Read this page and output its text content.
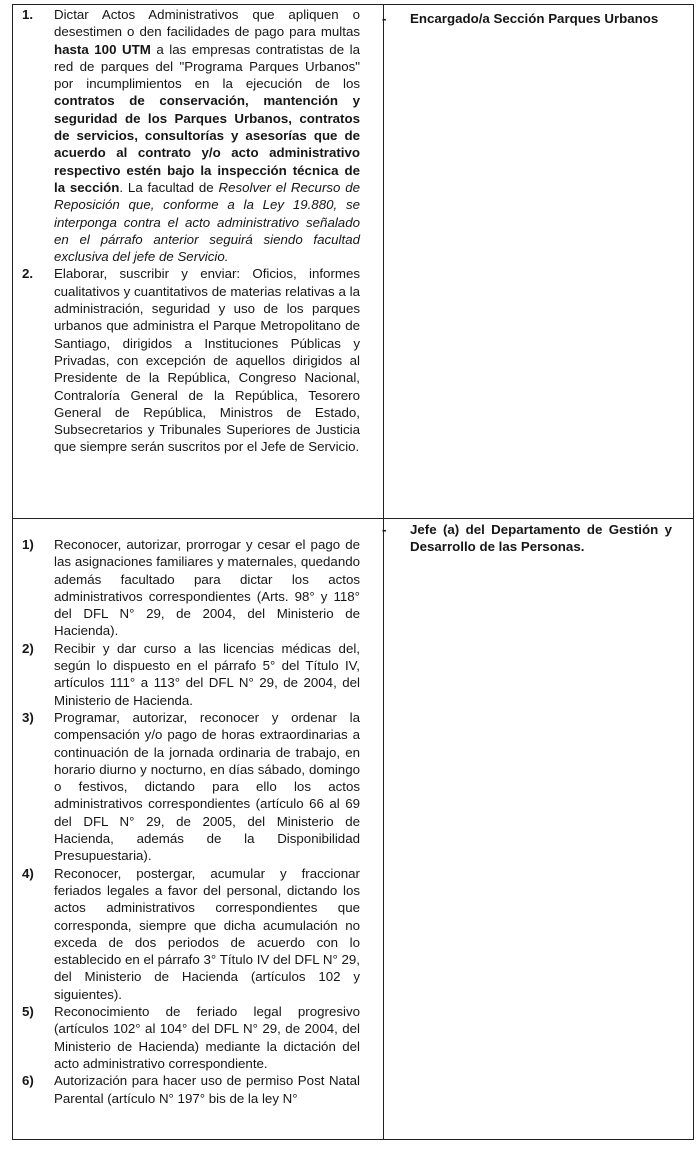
1.	Dictar Actos Administrativos que apliquen o desestimen o den facilidades de pago para multas hasta 100 UTM a las empresas contratistas de la red de parques del "Programa Parques Urbanos" por incumplimientos en la ejecución de los contratos de conservación, mantención y seguridad de los Parques Urbanos, contratos de servicios, consultorías y asesorías que de acuerdo al contrato y/o acto administrativo respectivo estén bajo la inspección técnica de la sección. La facultad de Resolver el Recurso de Reposición que, conforme a la Ley 19.880, se interponga contra el acto administrativo señalado en el párrafo anterior seguirá siendo facultad exclusiva del jefe de Servicio.
2.	Elaborar, suscribir y enviar: Oficios, informes cualitativos y cuantitativos de materias relativas a la administración, seguridad y uso de los parques urbanos que administra el Parque Metropolitano de Santiago, dirigidos a Instituciones Públicas y Privadas, con excepción de aquellos dirigidos al Presidente de la República, Congreso Nacional, Contraloría General de la República, Tesorero General de República, Ministros de Estado, Subsecretarios y Tribunales Superiores de Justicia que siempre serán suscritos por el Jefe de Servicio.
-	Encargado/a Sección Parques Urbanos
1)	Reconocer, autorizar, prorrogar y cesar el pago de las asignaciones familiares y maternales, quedando además facultado para dictar los actos administrativos correspondientes (Arts. 98° y 118° del DFL N° 29, de 2004, del Ministerio de Hacienda).
2)	Recibir y dar curso a las licencias médicas del, según lo dispuesto en el párrafo 5° del Título IV, artículos 111° a 113° del DFL N° 29, de 2004, del Ministerio de Hacienda.
3)	Programar, autorizar, reconocer y ordenar la compensación y/o pago de horas extraordinarias a continuación de la jornada ordinaria de trabajo, en horario diurno y nocturno, en días sábado, domingo o festivos, dictando para ello los actos administrativos correspondientes (artículo 66 al 69 del DFL N° 29, de 2005, del Ministerio de Hacienda, además de la Disponibilidad Presupuestaria).
4)	Reconocer, postergar, acumular y fraccionar feriados legales a favor del personal, dictando los actos administrativos correspondientes que corresponda, siempre que dicha acumulación no exceda de dos periodos de acuerdo con lo establecido en el párrafo 3° Título IV del DFL N° 29, del Ministerio de Hacienda (artículos 102 y siguientes).
5)	Reconocimiento de feriado legal progresivo (artículos 102° al 104° del DFL N° 29, de 2004, del Ministerio de Hacienda) mediante la dictación del acto administrativo correspondiente.
6)	Autorización para hacer uso de permiso Post Natal Parental (artículo N° 197° bis de la ley N°
-	Jefe (a) del Departamento de Gestión y Desarrollo de las Personas.
